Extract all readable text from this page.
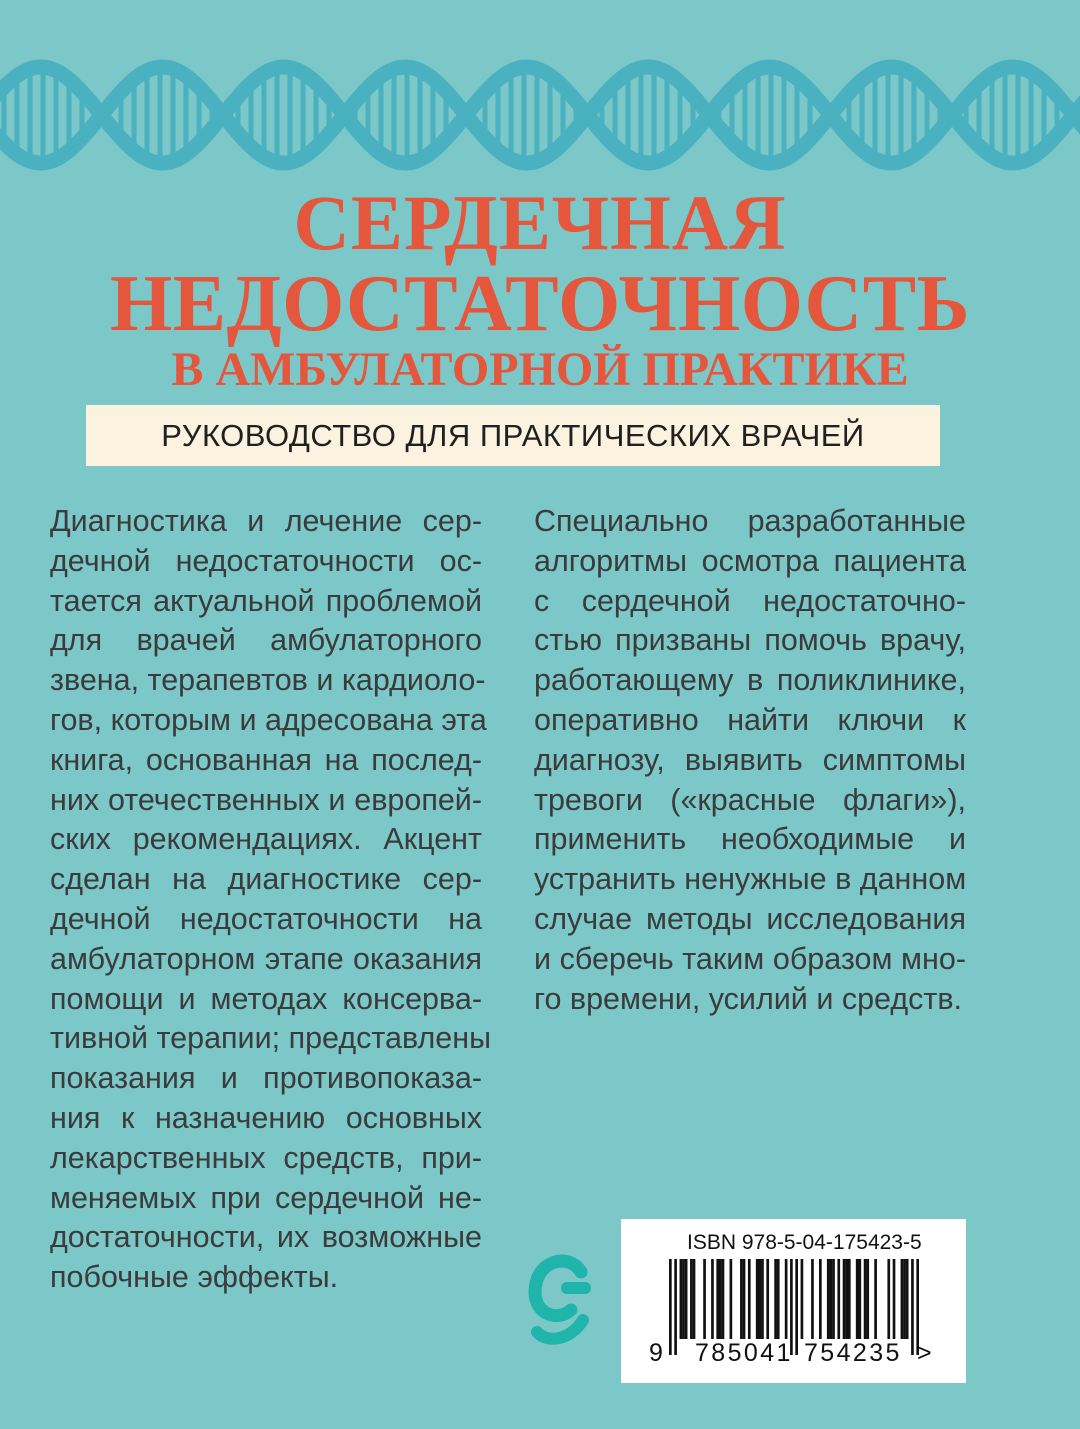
СЕРДЕЧНАЯ
НЕДОСТАТОЧНОСТЬ
В АМБУЛАТОРНОЙ ПРАКТИКЕ
РУКОВОДСТВО ДЛЯ ПРАКТИЧЕСКИХ ВРАЧЕЙ
Диагностика и лечение сер-
дечной недостаточности ос-
тается актуальной проблемой
для врачей амбулаторного
звена, терапевтов и кардиоло-
гов, которым и адресована эта
книга, основанная на послед-
них отечественных и европей-
ских рекомендациях. Акцент
сделан на диагностике сер-
дечной недостаточности на
амбулаторном этапе оказания
помощи и методах консерва-
тивной терапии; представлены
показания и противопоказа-
ния к назначению основных
лекарственных средств, при-
меняемых при сердечной не-
достаточности, их возможные
побочные эффекты.
Специально разработанные
алгоритмы осмотра пациента
с сердечной недостаточно-
стью призваны помочь врачу,
работающему в поликлинике,
оперативно найти ключи к
диагнозу, выявить симптомы
тревоги («красные флаги»),
применить необходимые и
устранить ненужные в данном
случае методы исследования
и сберечь таким образом мно-
го времени, усилий и средств.
ISBN 978-5-04-175423-5
9 785041 754235 >
